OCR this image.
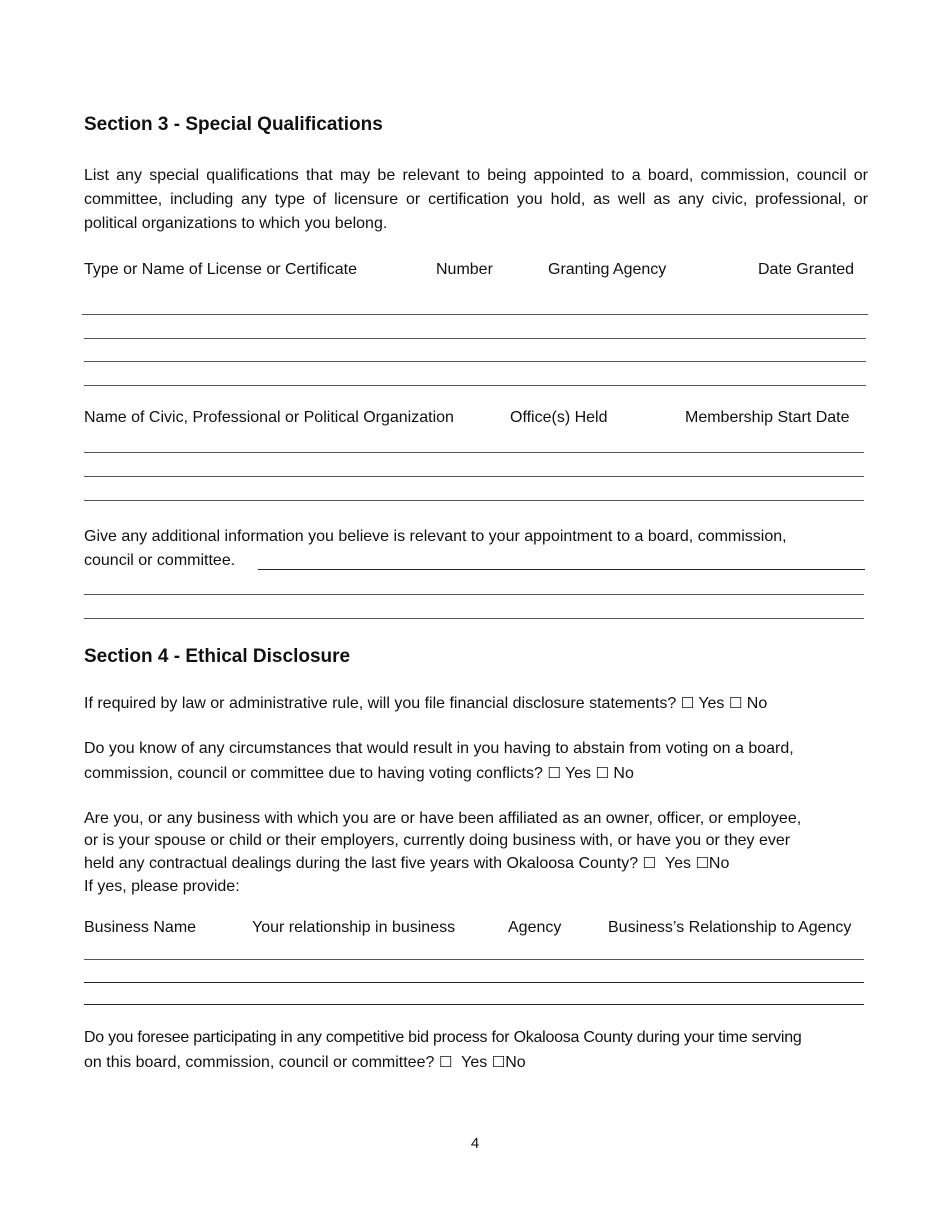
Section 3 - Special Qualifications
List any special qualifications that may be relevant to being appointed to a board, commission, council or committee, including any type of licensure or certification you hold, as well as any civic, professional, or political organizations to which you belong.
Type or Name of License or Certificate	Number	Granting Agency	Date Granted
Name of Civic, Professional or Political Organization	Office(s) Held	Membership Start Date
Give any additional information you believe is relevant to your appointment to a board, commission,
council or committee.
Section 4 - Ethical Disclosure
If required by law or administrative rule, will you file financial disclosure statements? ☐ Yes ☐ No
Do you know of any circumstances that would result in you having to abstain from voting on a board,
commission, council or committee due to having voting conflicts? ☐ Yes ☐ No
Are you, or any business with which you are or have been affiliated as an owner, officer, or employee,
or is your spouse or child or their employers, currently doing business with, or have you or they ever
held any contractual dealings during the last five years with Okaloosa County? ☐ Yes ☐No
If yes, please provide:
Business Name	Your relationship in business	Agency	Business’s Relationship to Agency
Do you foresee participating in any competitive bid process for Okaloosa County during your time serving
on this board, commission, council or committee? ☐ Yes ☐No
4
